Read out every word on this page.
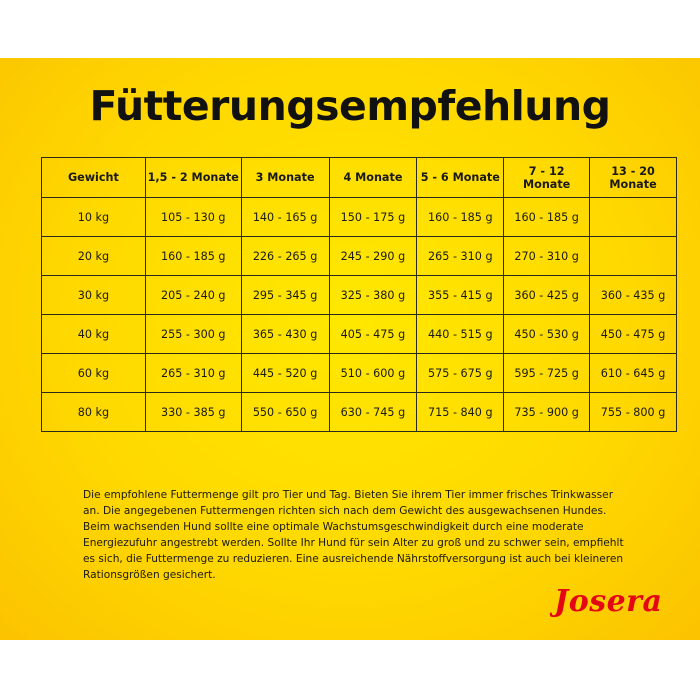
Fütterungsempfehlung
Gewicht	1,5 - 2 Monate	3 Monate	4 Monate	5 - 6 Monate	7 - 12 Monate	13 - 20 Monate
10 kg	105 - 130 g	140 - 165 g	150 - 175 g	160 - 185 g	160 - 185 g	
20 kg	160 - 185 g	226 - 265 g	245 - 290 g	265 - 310 g	270 - 310 g	
30 kg	205 - 240 g	295 - 345 g	325 - 380 g	355 - 415 g	360 - 425 g	360 - 435 g
40 kg	255 - 300 g	365 - 430 g	405 - 475 g	440 - 515 g	450 - 530 g	450 - 475 g
60 kg	265 - 310 g	445 - 520 g	510 - 600 g	575 - 675 g	595 - 725 g	610 - 645 g
80 kg	330 - 385 g	550 - 650 g	630 - 745 g	715 - 840 g	735 - 900 g	755 - 800 g
Die empfohlene Futtermenge gilt pro Tier und Tag. Bieten Sie ihrem Tier immer frisches Trinkwasser an. Die angegebenen Futtermengen richten sich nach dem Gewicht des ausgewachsenen Hundes. Beim wachsenden Hund sollte eine optimale Wachstumsgeschwindigkeit durch eine moderate Energiezufuhr angestrebt werden. Sollte Ihr Hund für sein Alter zu groß und zu schwer sein, empfiehlt es sich, die Futtermenge zu reduzieren. Eine ausreichende Nährstoffversorgung ist auch bei kleineren Rationsgrößen gesichert.
Josera
